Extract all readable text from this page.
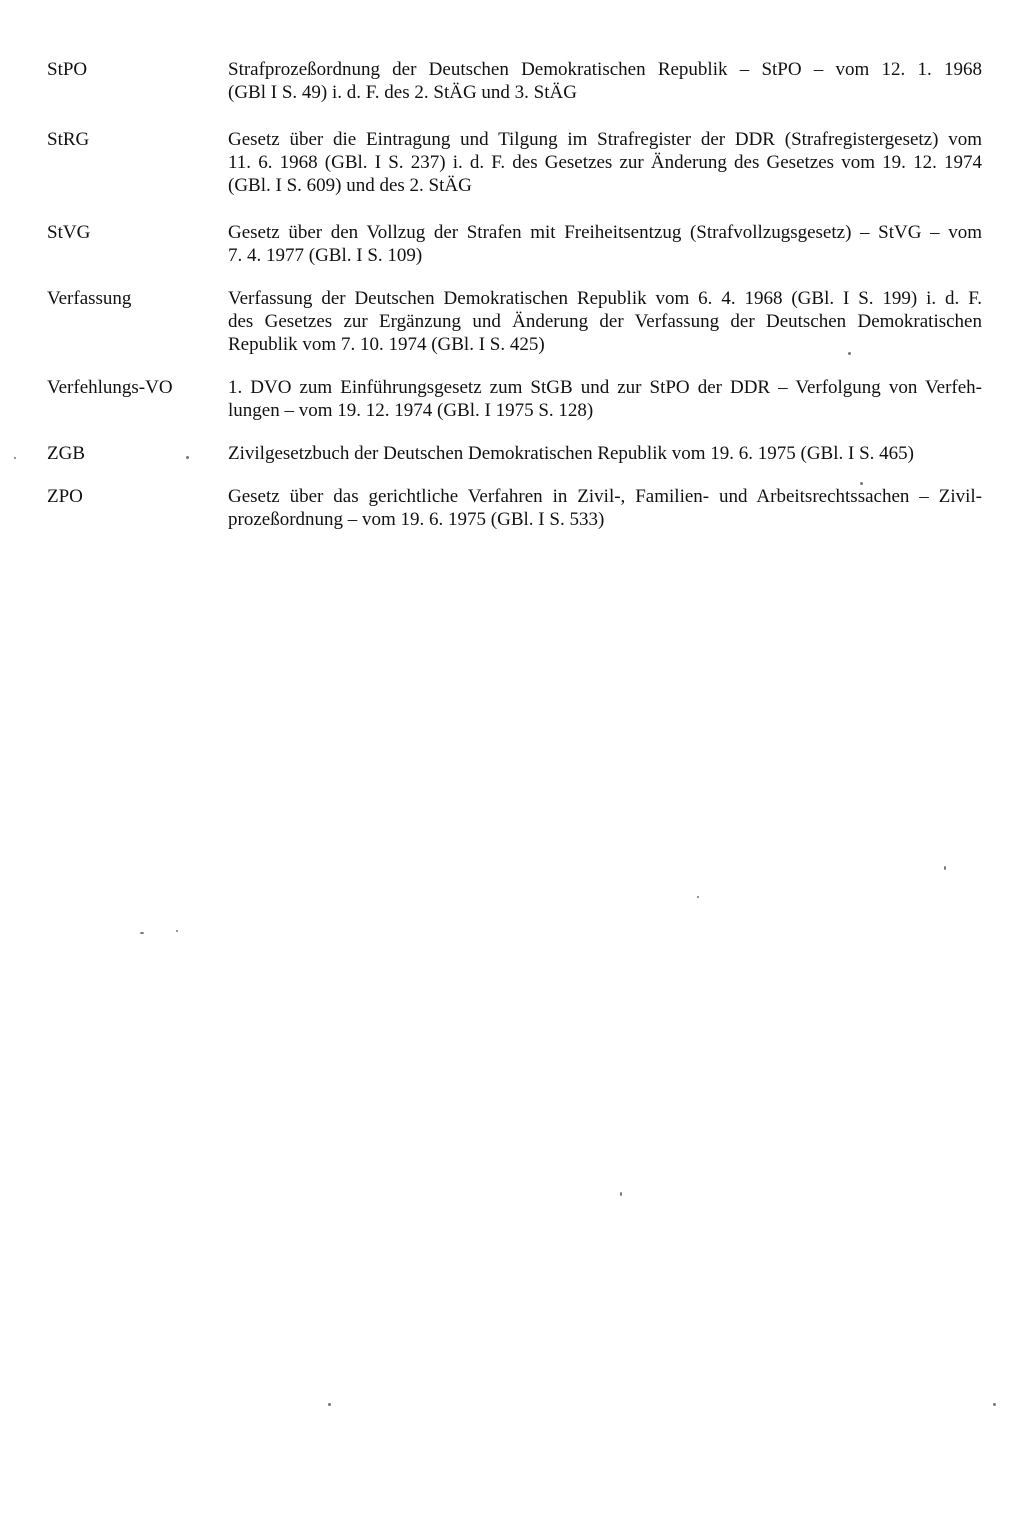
StPO	Strafprozeßordnung der Deutschen Demokratischen Republik – StPO – vom 12. 1. 1968
(GBl I S. 49) i. d. F. des 2. StÄG und 3. StÄG
StRG	Gesetz über die Eintragung und Tilgung im Strafregister der DDR (Strafregistergesetz) vom
11. 6. 1968 (GBl. I S. 237) i. d. F. des Gesetzes zur Änderung des Gesetzes vom 19. 12. 1974
(GBl. I S. 609) und des 2. StÄG
StVG	Gesetz über den Vollzug der Strafen mit Freiheitsentzug (Strafvollzugsgesetz) – StVG – vom
7. 4. 1977 (GBl. I S. 109)
Verfassung	Verfassung der Deutschen Demokratischen Republik vom 6. 4. 1968 (GBl. I S. 199) i. d. F.
des Gesetzes zur Ergänzung und Änderung der Verfassung der Deutschen Demokratischen
Republik vom 7. 10. 1974 (GBl. I S. 425)
Verfehlungs-VO	1. DVO zum Einführungsgesetz zum StGB und zur StPO der DDR – Verfolgung von Verfeh-
lungen – vom 19. 12. 1974 (GBl. I 1975 S. 128)
ZGB	Zivilgesetzbuch der Deutschen Demokratischen Republik vom 19. 6. 1975 (GBl. I S. 465)
ZPO	Gesetz über das gerichtliche Verfahren in Zivil-, Familien- und Arbeitsrechtssachen – Zivil-
prozeßordnung – vom 19. 6. 1975 (GBl. I S. 533)
